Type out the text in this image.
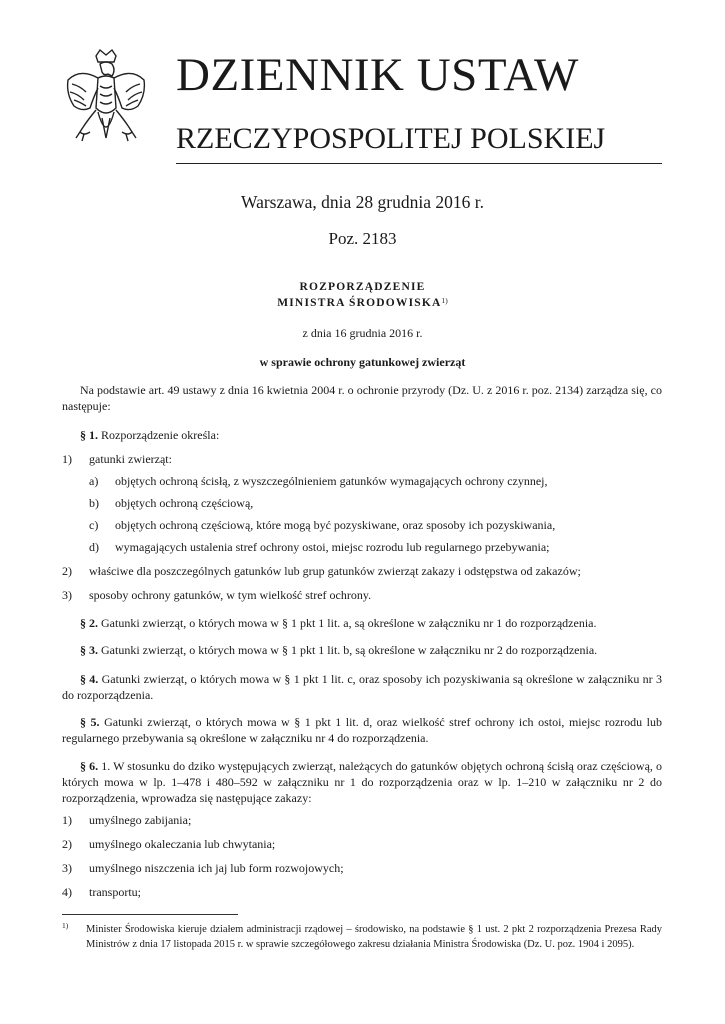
DZIENNIK USTAW
RZECZYPOSPOLITEJ POLSKIEJ
Warszawa, dnia 28 grudnia 2016 r.
Poz. 2183
ROZPORZĄDZENIE
MINISTRA ŚRODOWISKA$^{1)}$
z dnia 16 grudnia 2016 r.
w sprawie ochrony gatunkowej zwierząt
Na podstawie art. 49 ustawy z dnia 16 kwietnia 2004 r. o ochronie przyrody (Dz. U. z 2016 r. poz. 2134) zarządza się, co następuje:
§ 1. Rozporządzenie określa:
1) gatunki zwierząt:
a) objętych ochroną ścisłą, z wyszczególnieniem gatunków wymagających ochrony czynnej,
b) objętych ochroną częściową,
c) objętych ochroną częściową, które mogą być pozyskiwane, oraz sposoby ich pozyskiwania,
d) wymagających ustalenia stref ochrony ostoi, miejsc rozrodu lub regularnego przebywania;
2) właściwe dla poszczególnych gatunków lub grup gatunków zwierząt zakazy i odstępstwa od zakazów;
3) sposoby ochrony gatunków, w tym wielkość stref ochrony.
§ 2. Gatunki zwierząt, o których mowa w § 1 pkt 1 lit. a, są określone w załączniku nr 1 do rozporządzenia.
§ 3. Gatunki zwierząt, o których mowa w § 1 pkt 1 lit. b, są określone w załączniku nr 2 do rozporządzenia.
§ 4. Gatunki zwierząt, o których mowa w § 1 pkt 1 lit. c, oraz sposoby ich pozyskiwania są określone w załączniku nr 3 do rozporządzenia.
§ 5. Gatunki zwierząt, o których mowa w § 1 pkt 1 lit. d, oraz wielkość stref ochrony ich ostoi, miejsc rozrodu lub regularnego przebywania są określone w załączniku nr 4 do rozporządzenia.
§ 6. 1. W stosunku do dziko występujących zwierząt, należących do gatunków objętych ochroną ścisłą oraz częściową, o których mowa w lp. 1–478 i 480–592 w załączniku nr 1 do rozporządzenia oraz w lp. 1–210 w załączniku nr 2 do rozporządzenia, wprowadza się następujące zakazy:
1) umyślnego zabijania;
2) umyślnego okaleczania lub chwytania;
3) umyślnego niszczenia ich jaj lub form rozwojowych;
4) transportu;
1) Minister Środowiska kieruje działem administracji rządowej – środowisko, na podstawie § 1 ust. 2 pkt 2 rozporządzenia Prezesa Rady Ministrów z dnia 17 listopada 2015 r. w sprawie szczegółowego zakresu działania Ministra Środowiska (Dz. U. poz. 1904 i 2095).
